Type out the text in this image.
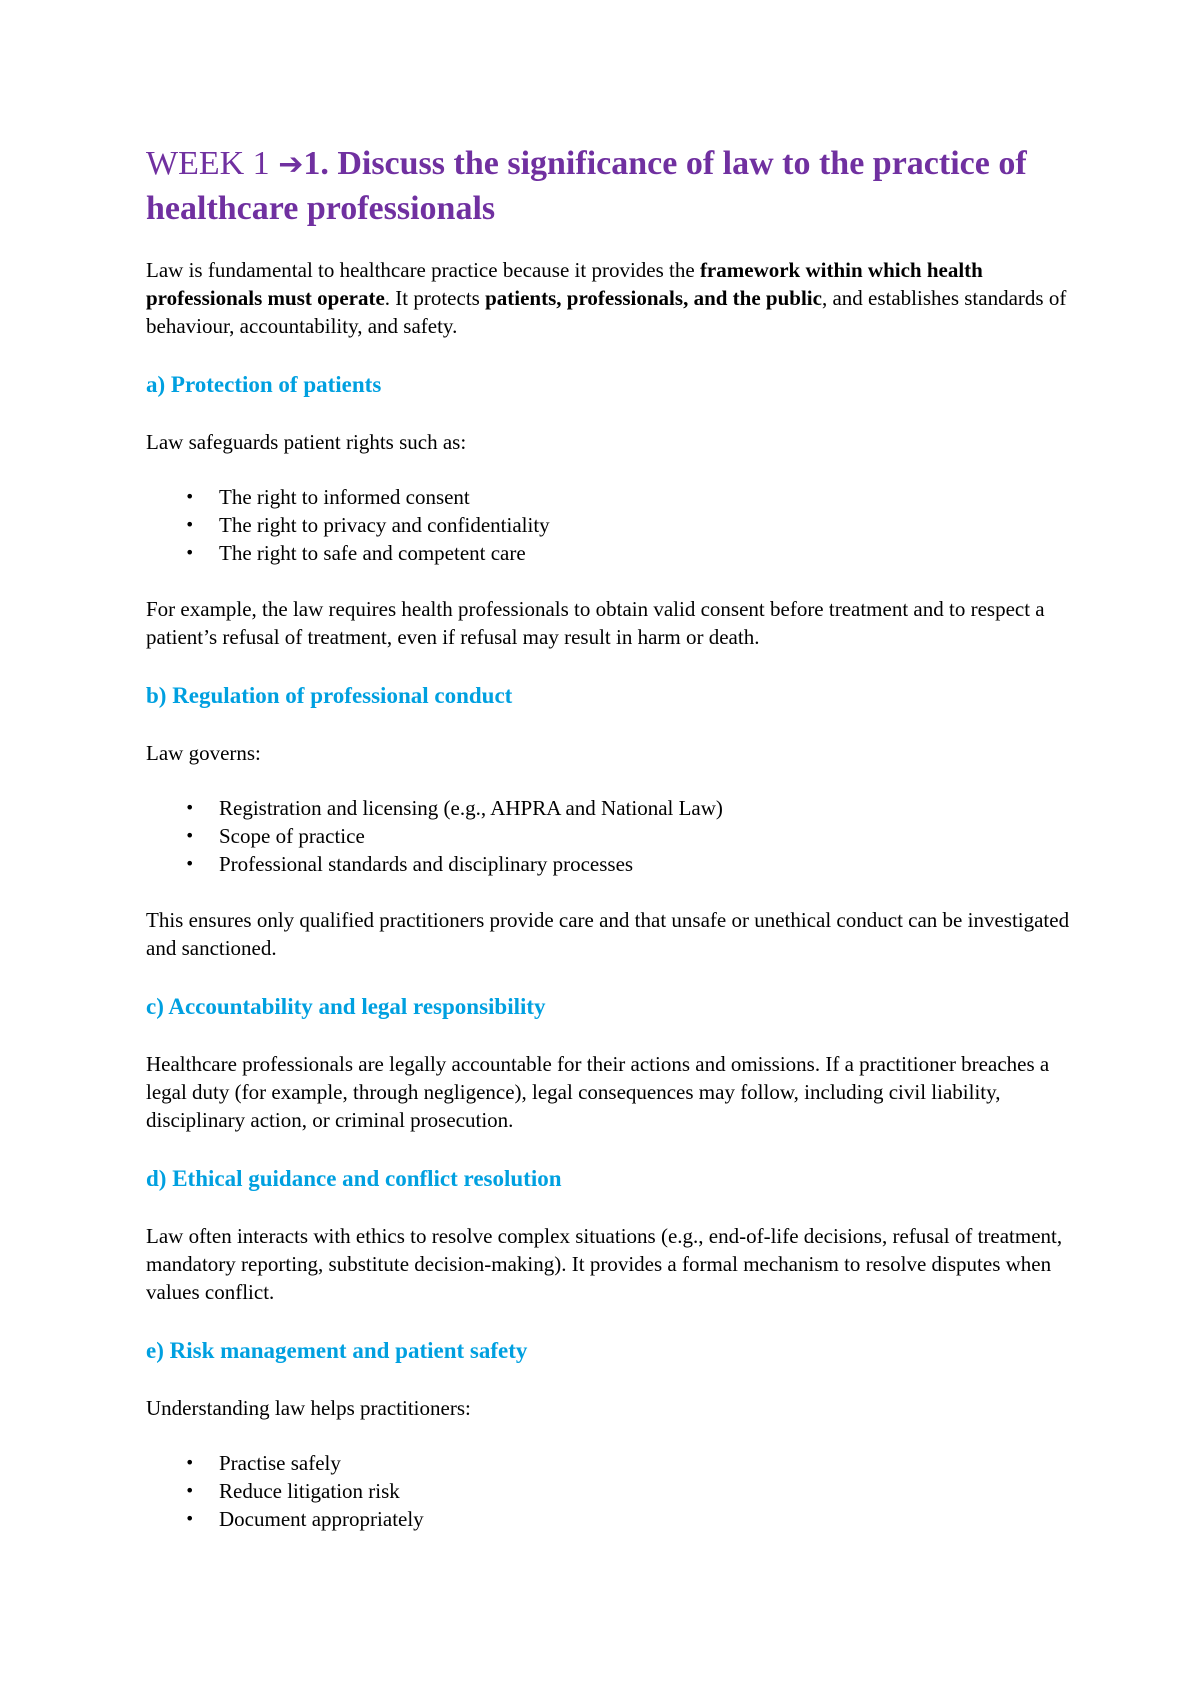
WEEK 1 ➔1. Discuss the significance of law to the practice of healthcare professionals

Law is fundamental to healthcare practice because it provides the framework within which health professionals must operate. It protects patients, professionals, and the public, and establishes standards of behaviour, accountability, and safety.

a) Protection of patients

Law safeguards patient rights such as:

• The right to informed consent
• The right to privacy and confidentiality
• The right to safe and competent care

For example, the law requires health professionals to obtain valid consent before treatment and to respect a patient’s refusal of treatment, even if refusal may result in harm or death.

b) Regulation of professional conduct

Law governs:

• Registration and licensing (e.g., AHPRA and National Law)
• Scope of practice
• Professional standards and disciplinary processes

This ensures only qualified practitioners provide care and that unsafe or unethical conduct can be investigated and sanctioned.

c) Accountability and legal responsibility

Healthcare professionals are legally accountable for their actions and omissions. If a practitioner breaches a legal duty (for example, through negligence), legal consequences may follow, including civil liability, disciplinary action, or criminal prosecution.

d) Ethical guidance and conflict resolution

Law often interacts with ethics to resolve complex situations (e.g., end-of-life decisions, refusal of treatment, mandatory reporting, substitute decision-making). It provides a formal mechanism to resolve disputes when values conflict.

e) Risk management and patient safety

Understanding law helps practitioners:

• Practise safely
• Reduce litigation risk
• Document appropriately
